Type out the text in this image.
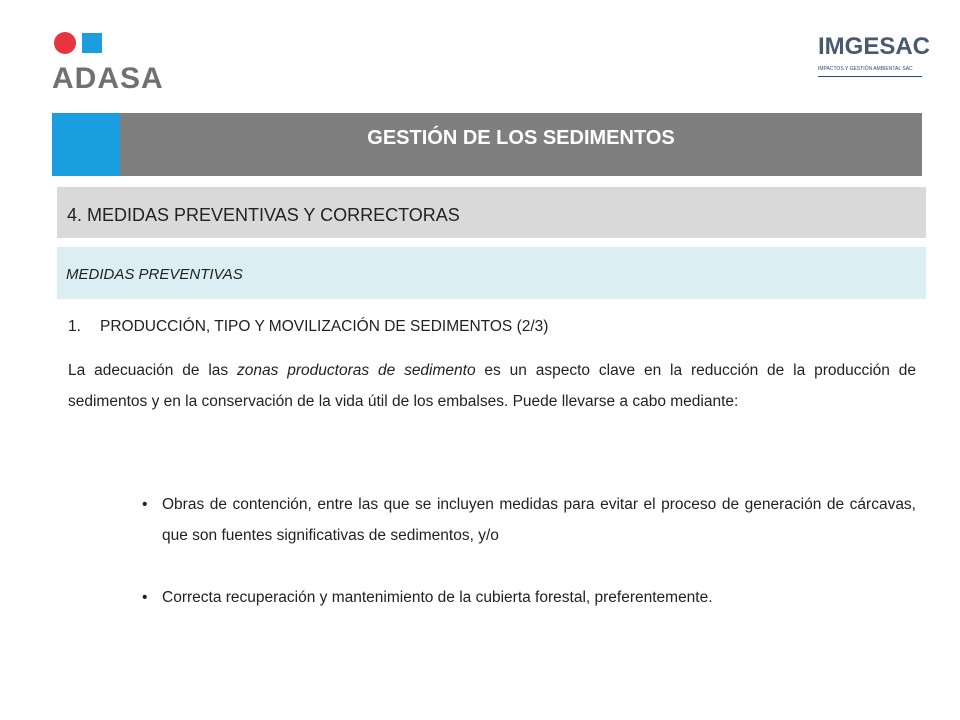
ADASA
IMGESAC
IMPACTOS Y GESTIÓN AMBIENTAL SAC
GESTIÓN DE LOS SEDIMENTOS
4. MEDIDAS PREVENTIVAS Y CORRECTORAS
MEDIDAS PREVENTIVAS
1. PRODUCCIÓN, TIPO Y MOVILIZACIÓN DE SEDIMENTOS (2/3)

La adecuación de las zonas productoras de sedimento es un aspecto clave en la reducción de la producción de sedimentos y en la conservación de la vida útil de los embalses. Puede llevarse a cabo mediante:

• Obras de contención, entre las que se incluyen medidas para evitar el proceso de generación de cárcavas, que son fuentes significativas de sedimentos, y/o
• Correcta recuperación y mantenimiento de la cubierta forestal, preferentemente.
